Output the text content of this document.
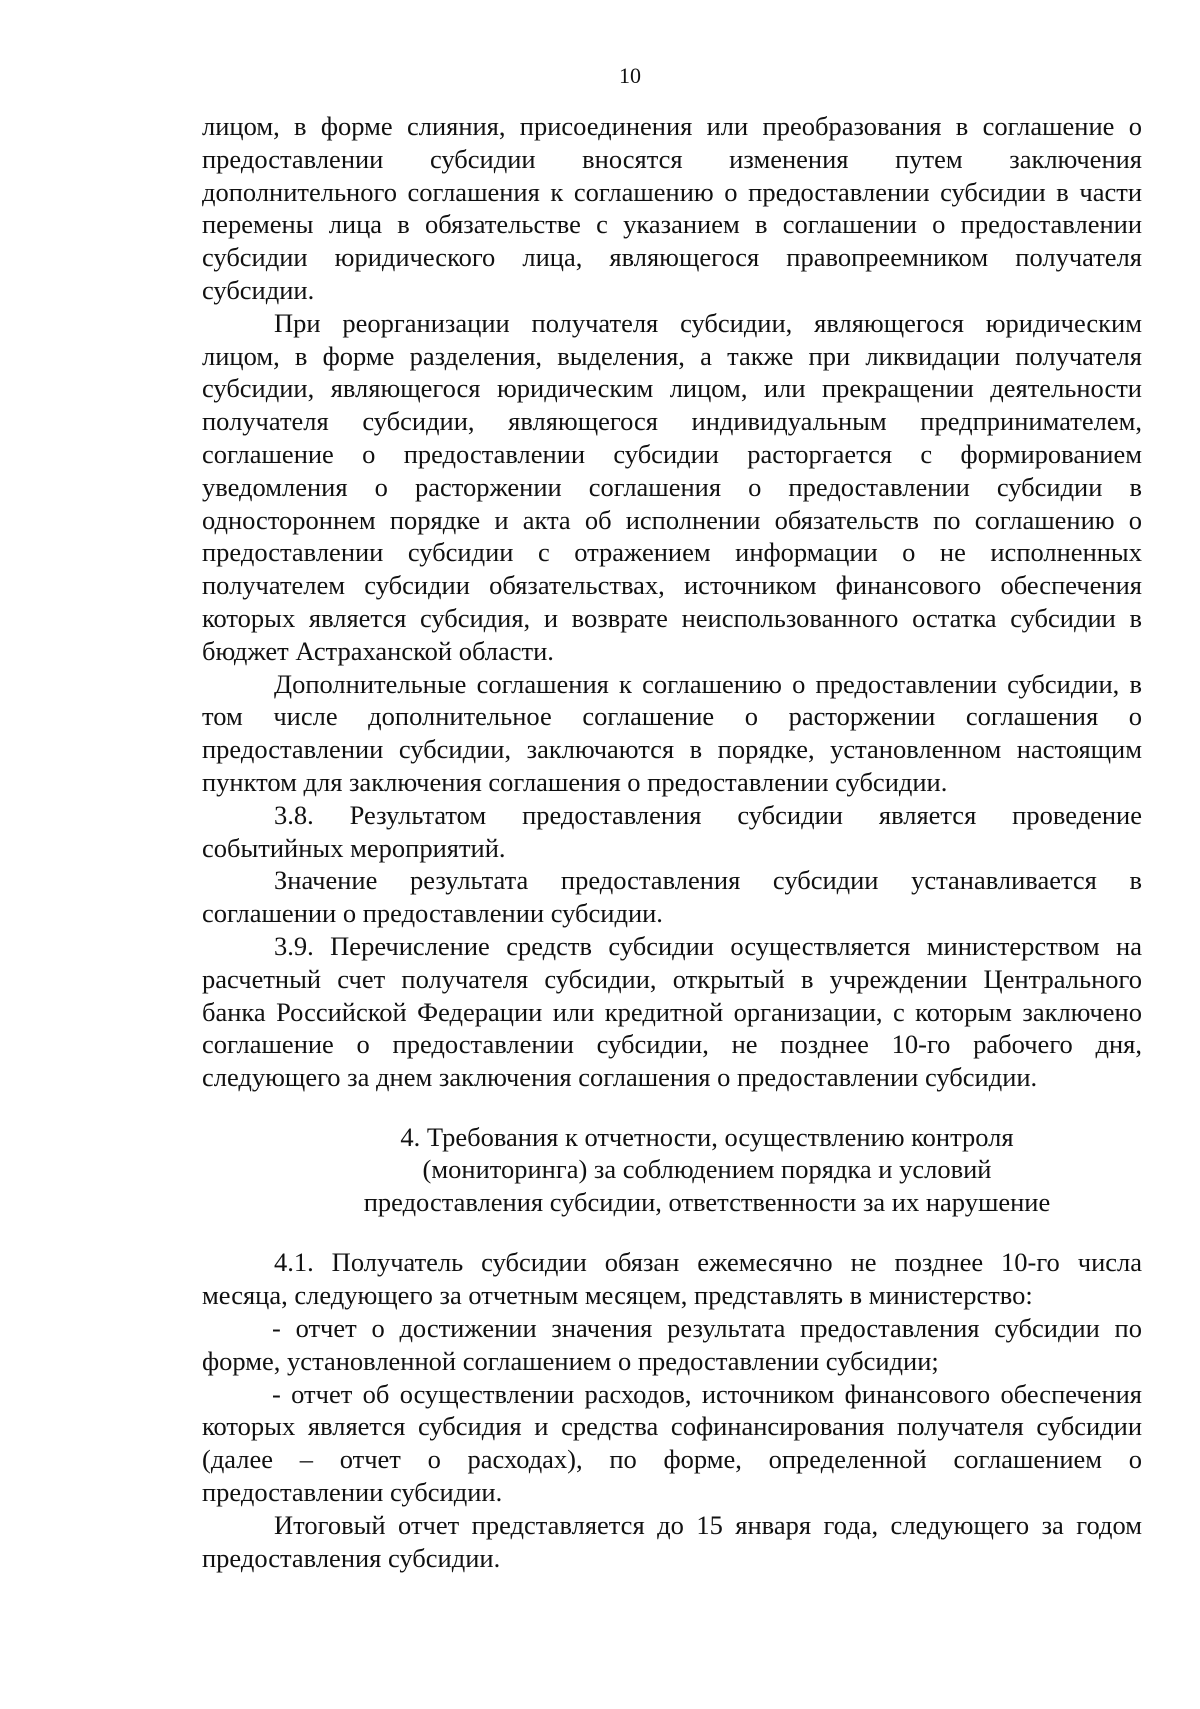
10

лицом, в форме слияния, присоединения или преобразования в соглашение о предоставлении субсидии вносятся изменения путем заключения дополнительного соглашения к соглашению о предоставлении субсидии в части перемены лица в обязательстве с указанием в соглашении о предоставлении субсидии юридического лица, являющегося правопреемником получателя субсидии.

При реорганизации получателя субсидии, являющегося юридическим лицом, в форме разделения, выделения, а также при ликвидации получателя субсидии, являющегося юридическим лицом, или прекращении деятельности получателя субсидии, являющегося индивидуальным предпринимателем, соглашение о предоставлении субсидии расторгается с формированием уведомления о расторжении соглашения о предоставлении субсидии в одностороннем порядке и акта об исполнении обязательств по соглашению о предоставлении субсидии с отражением информации о не исполненных получателем субсидии обязательствах, источником финансового обеспечения которых является субсидия, и возврате неиспользованного остатка субсидии в бюджет Астраханской области.

Дополнительные соглашения к соглашению о предоставлении субсидии, в том числе дополнительное соглашение о расторжении соглашения о предоставлении субсидии, заключаются в порядке, установленном настоящим пунктом для заключения соглашения о предоставлении субсидии.

3.8. Результатом предоставления субсидии является проведение событийных мероприятий.

Значение результата предоставления субсидии устанавливается в соглашении о предоставлении субсидии.

3.9. Перечисление средств субсидии осуществляется министерством на расчетный счет получателя субсидии, открытый в учреждении Центрального банка Российской Федерации или кредитной организации, с которым заключено соглашение о предоставлении субсидии, не позднее 10-го рабочего дня, следующего за днем заключения соглашения о предоставлении субсидии.

4. Требования к отчетности, осуществлению контроля
(мониторинга) за соблюдением порядка и условий
предоставления субсидии, ответственности за их нарушение

4.1. Получатель субсидии обязан ежемесячно не позднее 10-го числа месяца, следующего за отчетным месяцем, представлять в министерство:

- отчет о достижении значения результата предоставления субсидии по форме, установленной соглашением о предоставлении субсидии;

- отчет об осуществлении расходов, источником финансового обеспечения которых является субсидия и средства софинансирования получателя субсидии (далее – отчет о расходах), по форме, определенной соглашением о предоставлении субсидии.

Итоговый отчет представляется до 15 января года, следующего за годом предоставления субсидии.
